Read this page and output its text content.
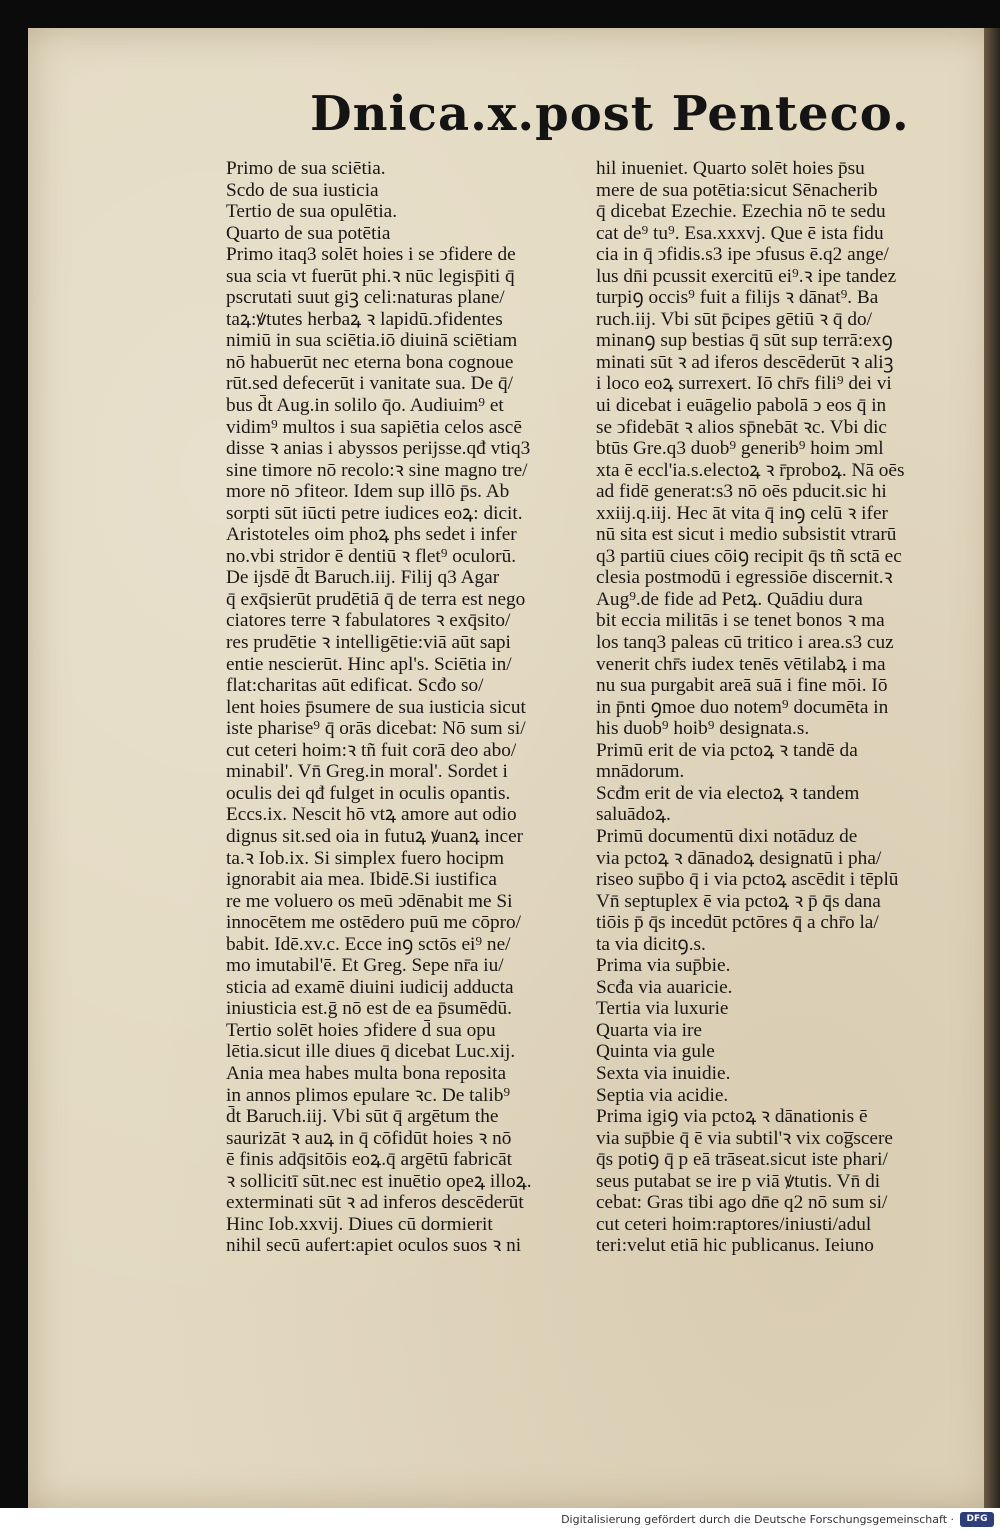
Dnica.x.post Penteco.
Primo de sua sciētia.
Scdo de sua iusticia
Tertio de sua opulētia.
Quarto de sua potētia
Primo itaq3 solēt hoies i se ↄfidere de
sua scia vt fuerūt phi.ꝛ nūc legisp̄iti q̄
pscrutati suut giꝫ celi:naturas plane/
taꝝ:ꝟtutes herbaꝝ ꝛ lapidū.ↄfidentes
nimiū in sua sciētia.iō diuinā sciētiam
nō habuerūt nec eterna bona cognoue
rūt.sed defecerūt i vanitate sua. De q̄/
bus d̄t Aug.in solilo q̄o. Audiuim⁹ et
vidim⁹ multos i sua sapiētia celos ascē
disse ꝛ anias i abyssos perijsse.qđ vtiq3
sine timore nō recolo:ꝛ sine magno tre/
more nō ↄfiteor. Idem sup illō p̄s. Ab
sorpti sūt iūcti petre iudices eoꝝ: dicit.
Aristoteles oim phoꝝ phs sedet i infer
no.vbi stridor ē dentiū ꝛ flet⁹ oculorū.
De ijsdē d̄t Baruch.iij. Filij q3 Agar
q̄ exq̄sierūt prudētiā q̄ de terra est nego
ciatores terre ꝛ fabulatores ꝛ exq̄sito/
res prudētie ꝛ intelligētie:viā aūt sapi
entie nescierūt. Hinc apl's. Sciētia in/
flat:charitas aūt edificat. Scđo so/
lent hoies p̄sumere de sua iusticia sicut
iste pharise⁹ q̄ orās dicebat: Nō sum si/
cut ceteri hoim:ꝛ tñ fuit corā deo abo/
minabil'. Vn̄ Greg.in moral'. Sordet i
oculis dei qđ fulget in oculis opantis.
Eccs.ix. Nescit hō vtꝝ amore aut odio
dignus sit.sed oia in futuꝝ ꝟuanꝝ incer
ta.ꝛ Iob.ix. Si simplex fuero hocipm
ignorabit aia mea. Ibidē.Si iustifica
re me voluero os meū ↄdēnabit me Si
innocētem me ostēdero puū me cōpro/
babit. Idē.xv.c. Ecce inꝯ sctōs ei⁹ ne/
mo imutabil'ē. Et Greg. Sepe nr̄a iu/
sticia ad examē diuini iudicij adducta
iniusticia est.ḡ nō est de ea p̄sumēdū.
Tertio solēt hoies ↄfidere d̄ sua opu
lētia.sicut ille diues q̄ dicebat Luc.xij.
Ania mea habes multa bona reposita
in annos plimos epulare ꝛc. De talib⁹
d̄t Baruch.iij. Vbi sūt q̄ argētum the
saurizāt ꝛ auꝝ in q̄ cōfidūt hoies ꝛ nō
ē finis adq̄sitōis eoꝝ.q̄ argētū fabricāt
ꝛ sollicitī sūt.nec est inuētio opeꝝ illoꝝ.
exterminati sūt ꝛ ad inferos descēderūt
Hinc Iob.xxvij. Diues cū dormierit
nihil secū aufert:apiet oculos suos ꝛ ni
hil inueniet. Quarto solēt hoies p̄su
mere de sua potētia:sicut Sēnacherib
q̄ dicebat Ezechie. Ezechia nō te sedu
cat de⁹ tu⁹. Esa.xxxvj. Que ē ista fidu
cia in q̄ ↄfidis.s3 ipe ↄfusus ē.q2 ange/
lus dn̄i pcussit exercitū ei⁹.ꝛ ipe tandez
turpiꝯ occis⁹ fuit a filijs ꝛ dānat⁹. Ba
ruch.iij. Vbi sūt p̄cipes gētiū ꝛ q̄ do/
minanꝯ sup bestias q̄ sūt sup terrā:exꝯ
minati sūt ꝛ ad iferos descēderūt ꝛ aliꝫ
i loco eoꝝ surrexert. Iō chr̄s fili⁹ dei vi
ui dicebat i euāgelio pabolā ↄ eos q̄ in
se ↄfidebāt ꝛ alios sp̄nebāt ꝛc. Vbi dic
btūs Gre.q3 duob⁹ generib⁹ hoim ↄml
xta ē eccl'ia.s.electoꝝ ꝛ r̄proboꝝ. Nā oēs
ad fidē generat:s3 nō oēs pducit.sic hi
xxiij.q.iij. Hec āt vita q̄ inꝯ celū ꝛ ifer
nū sita est sicut i medio subsistit vtrarū
q3 partiū ciues cōiꝯ recipit q̄s tñ sctā ec
clesia postmodū i egressiōe discernit.ꝛ
Aug⁹.de fide ad Petꝝ. Quādiu dura
bit eccia militās i se tenet bonos ꝛ ma
los tanq3 paleas cū tritico i area.s3 cuz
venerit chr̄s iudex tenēs vētilabꝝ i ma
nu sua purgabit areā suā i fine mōi. Iō
in p̄nti ꝯmoe duo notem⁹ documēta in
his duob⁹ hoib⁹ designata.s.
Primū erit de via pctoꝝ ꝛ tandē da
mnādorum.
Scđm erit de via electoꝝ ꝛ tandem
saluādoꝝ.
Primū documentū dixi notāduz de
via pctoꝝ ꝛ dānadoꝝ designatū i pha/
riseo sup̄bo q̄ i via pctoꝝ ascēdit i tēplū
Vn̄ septuplex ē via pctoꝝ ꝛ p̄ q̄s dana
tiōis p̄ q̄s incedūt pctōres q̄ a chr̄o la/
ta via dicitꝯ.s.
Prima via sup̄bie.
Scđa via auaricie.
Tertia via luxurie
Quarta via ire
Quinta via gule
Sexta via inuidie.
Septia via acidie.
Prima igiꝯ via pctoꝝ ꝛ dānationis ē
via sup̄bie q̄ ē via subtil'ꝛ vix cog̅scere
q̄s potiꝯ q̄ p eā trāseat.sicut iste phari/
seus putabat se ire p viā ꝟtutis. Vn̄ di
cebat: Gras tibi ago dn̄e q2 nō sum si/
cut ceteri hoim:raptores/iniusti/adul
teri:velut etiā hic publicanus. Ieiuno
Digitalisierung gefördert durch die Deutsche Forschungsgemeinschaft ·	DFG
